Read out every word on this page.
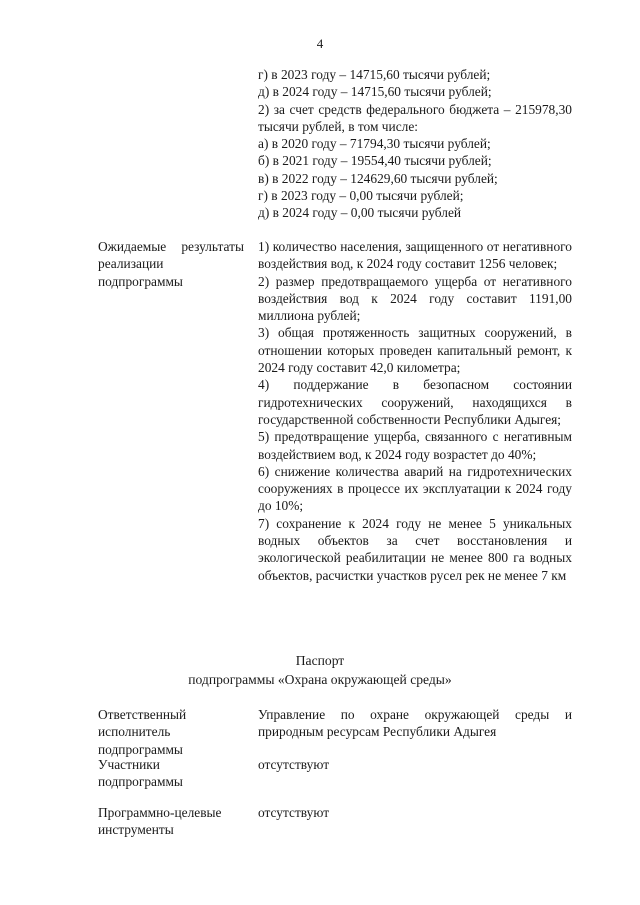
4

г) в 2023 году – 14715,60 тысячи рублей;

д) в 2024 году – 14715,60 тысячи рублей;

2) за счет средств федерального бюджета – 215978,30 тысячи рублей, в том числе:

а) в 2020 году – 71794,30 тысячи рублей;

б) в 2021 году – 19554,40 тысячи рублей;

в) в 2022 году – 124629,60 тысячи рублей;

г) в 2023 году – 0,00 тысячи рублей;

д) в 2024 году – 0,00 тысячи рублей

Ожидаемые результаты реализации подпрограммы

1) количество населения, защищенного от негативного воздействия вод, к 2024 году составит 1256 человек;

2) размер предотвращаемого ущерба от негативного воздействия вод к 2024 году составит 1191,00 миллиона рублей;

3) общая протяженность защитных сооружений, в отношении которых проведен капитальный ремонт, к 2024 году составит 42,0 километра;

4) поддержание в безопасном состоянии гидротехнических сооружений, находящихся в государственной собственности Республики Адыгея;

5) предотвращение ущерба, связанного с негативным воздействием вод, к 2024 году возрастет до 40%;

6) снижение количества аварий на гидротехнических сооружениях в процессе их эксплуатации к 2024 году до 10%;

7) сохранение к 2024 году не менее 5 уникальных водных объектов за счет восстановления и экологической реабилитации не менее 800 га водных объектов, расчистки участков русел рек не менее 7 км

Паспорт
подпрограммы «Охрана окружающей среды»
Ответственный исполнитель подпрограммы
Управление по охране окружающей среды и природным ресурсам Республики Адыгея
Участники подпрограммы
отсутствуют
Программно-целевые инструменты
отсутствуют
